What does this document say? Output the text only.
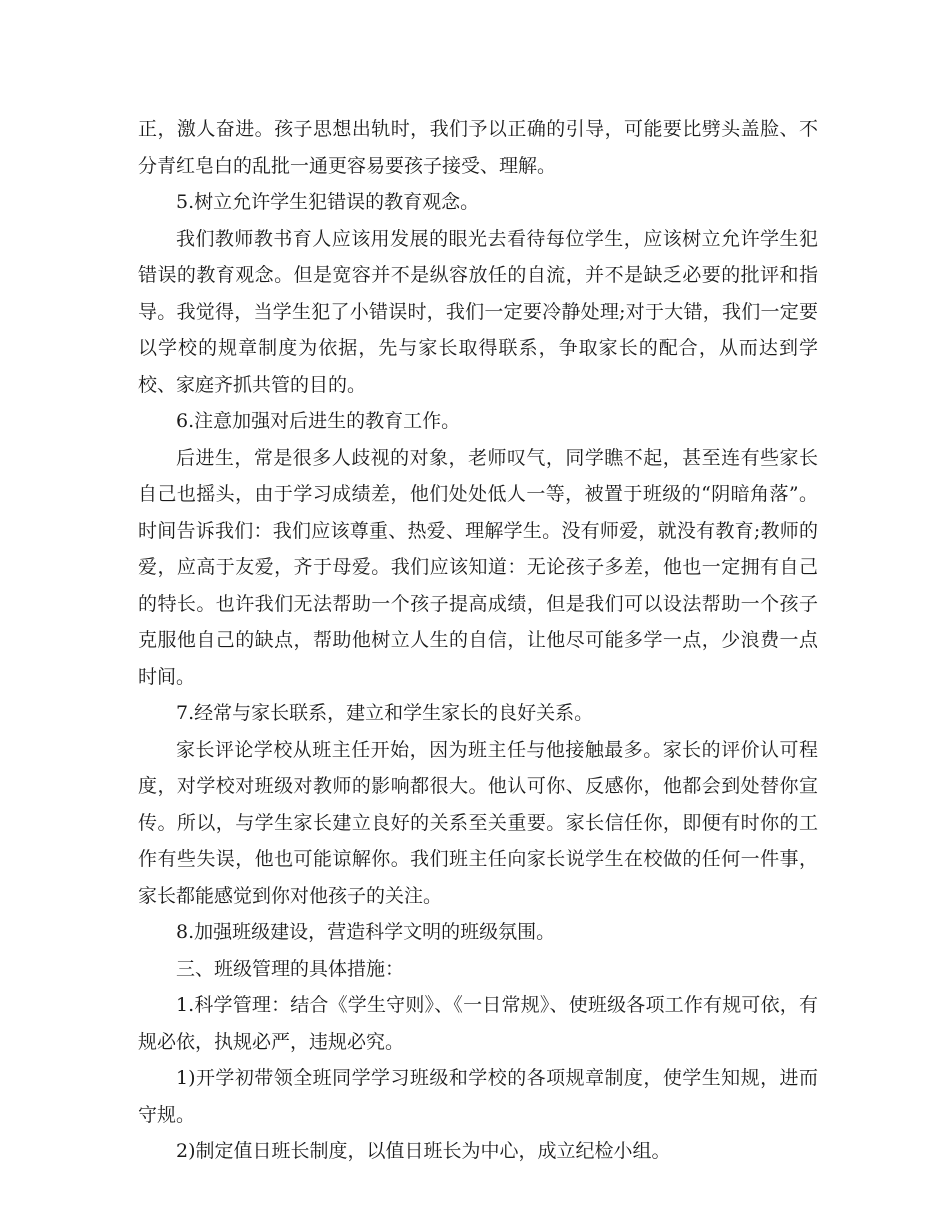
正，激人奋进。孩子思想出轨时，我们予以正确的引导，可能要比劈头盖脸、不分青红皂白的乱批一通更容易要孩子接受、理解。

5.树立允许学生犯错误的教育观念。

我们教师教书育人应该用发展的眼光去看待每位学生，应该树立允许学生犯错误的教育观念。但是宽容并不是纵容放任的自流，并不是缺乏必要的批评和指导。我觉得，当学生犯了小错误时，我们一定要冷静处理;对于大错，我们一定要以学校的规章制度为依据，先与家长取得联系，争取家长的配合，从而达到学校、家庭齐抓共管的目的。

6.注意加强对后进生的教育工作。

后进生，常是很多人歧视的对象，老师叹气，同学瞧不起，甚至连有些家长自己也摇头，由于学习成绩差，他们处处低人一等，被置于班级的“阴暗角落”。时间告诉我们：我们应该尊重、热爱、理解学生。没有师爱，就没有教育;教师的爱，应高于友爱，齐于母爱。我们应该知道：无论孩子多差，他也一定拥有自己的特长。也许我们无法帮助一个孩子提高成绩，但是我们可以设法帮助一个孩子克服他自己的缺点，帮助他树立人生的自信，让他尽可能多学一点，少浪费一点时间。

7.经常与家长联系，建立和学生家长的良好关系。

家长评论学校从班主任开始，因为班主任与他接触最多。家长的评价认可程度，对学校对班级对教师的影响都很大。他认可你、反感你，他都会到处替你宣传。所以，与学生家长建立良好的关系至关重要。家长信任你，即便有时你的工作有些失误，他也可能谅解你。我们班主任向家长说学生在校做的任何一件事，家长都能感觉到你对他孩子的关注。

8.加强班级建设，营造科学文明的班级氛围。

三、班级管理的具体措施：

1.科学管理：结合《学生守则》、《一日常规》、使班级各项工作有规可依，有规必依，执规必严，违规必究。

1)开学初带领全班同学学习班级和学校的各项规章制度，使学生知规，进而守规。

2)制定值日班长制度，以值日班长为中心，成立纪检小组。
